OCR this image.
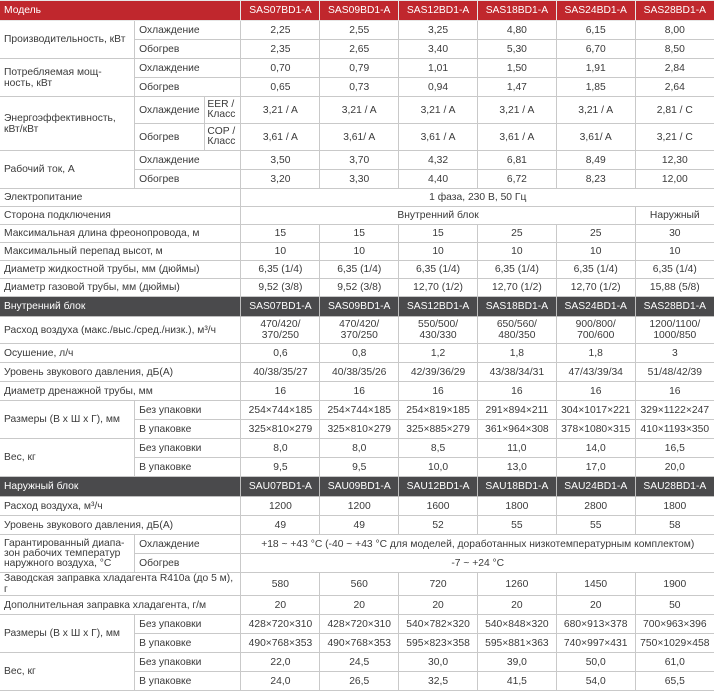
Модель			SAS07BD1-A	SAS09BD1-A	SAS12BD1-A	SAS18BD1-A	SAS24BD1-A	SAS28BD1-A
Производительность, кВт	Охлаждение		2,25	2,55	3,25	4,80	6,15	8,00
	Обогрев		2,35	2,65	3,40	5,30	6,70	8,50
Потребляемая мощ-ность, кВт	Охлаждение		0,70	0,79	1,01	1,50	1,91	2,84
	Обогрев		0,65	0,73	0,94	1,47	1,85	2,64
Энергоэффективность, кВт/кВт	Охлаждение	EER / Класс	3,21 / A	3,21 / A	3,21 / A	3,21 / A	3,21 / A	2,81 / C
	Обогрев	COP / Класс	3,61 / A	3,61/ A	3,61 / A	3,61 / A	3,61/ A	3,21 / C
Рабочий ток, А	Охлаждение		3,50	3,70	4,32	6,81	8,49	12,30
	Обогрев		3,20	3,30	4,40	6,72	8,23	12,00
Электропитание			1 фаза, 230 В, 50 Гц					
Сторона подключения			Внутренний блок					Наружный
Максимальная длина фреонопровода, м			15	15	15	25	25	30
Максимальный перепад высот, м			10	10	10	10	10	10
Диаметр жидкостной трубы, мм (дюймы)			6,35 (1/4)	6,35 (1/4)	6,35 (1/4)	6,35 (1/4)	6,35 (1/4)	6,35 (1/4)
Диаметр газовой трубы, мм (дюймы)			9,52 (3/8)	9,52 (3/8)	12,70 (1/2)	12,70 (1/2)	12,70 (1/2)	15,88 (5/8)
Внутренний блок			SAS07BD1-A	SAS09BD1-A	SAS12BD1-A	SAS18BD1-A	SAS24BD1-A	SAS28BD1-A
Расход воздуха (макс./выс./сред./низк.), м³/ч			470/420/ 370/250	470/420/ 370/250	550/500/ 430/330	650/560/ 480/350	900/800/ 700/600	1200/1100/ 1000/850
Осушение, л/ч			0,6	0,8	1,2	1,8	1,8	3
Уровень звукового давления, дБ(А)			40/38/35/27	40/38/35/26	42/39/36/29	43/38/34/31	47/43/39/34	51/48/42/39
Диаметр дренажной трубы, мм			16	16	16	16	16	16
Размеры (В х Ш х Г), мм	Без упаковки		254×744×185	254×744×185	254×819×185	291×894×211	304×1017×221	329×1122×247
	В упаковке		325×810×279	325×810×279	325×885×279	361×964×308	378×1080×315	410×1193×350
Вес, кг	Без упаковки		8,0	8,0	8,5	11,0	14,0	16,5
	В упаковке		9,5	9,5	10,0	13,0	17,0	20,0
Наружный блок			SAU07BD1-A	SAU09BD1-A	SAU12BD1-A	SAU18BD1-A	SAU24BD1-A	SAU28BD1-A
Расход воздуха, м³/ч			1200	1200	1600	1800	2800	1800
Уровень звукового давления, дБ(А)			49	49	52	55	55	58
Гарантированный диапа-зон рабочих температур наружного воздуха, °С	Охлаждение		+18 ~ +43 °C (-40 ~ +43 °C для моделей, доработанных низкотемпературным комплектом)					
	Обогрев		-7 ~ +24 °C					
Заводская заправка хладагента R410a (до 5 м), г			580	560	720	1260	1450	1900
Дополнительная заправка хладагента, г/м			20	20	20	20	20	50
Размеры (В х Ш х Г), мм	Без упаковки		428×720×310	428×720×310	540×782×320	540×848×320	680×913×378	700×963×396
	В упаковке		490×768×353	490×768×353	595×823×358	595×881×363	740×997×431	750×1029×458
Вес, кг	Без упаковки		22,0	24,5	30,0	39,0	50,0	61,0
	В упаковке		24,0	26,5	32,5	41,5	54,0	65,5
